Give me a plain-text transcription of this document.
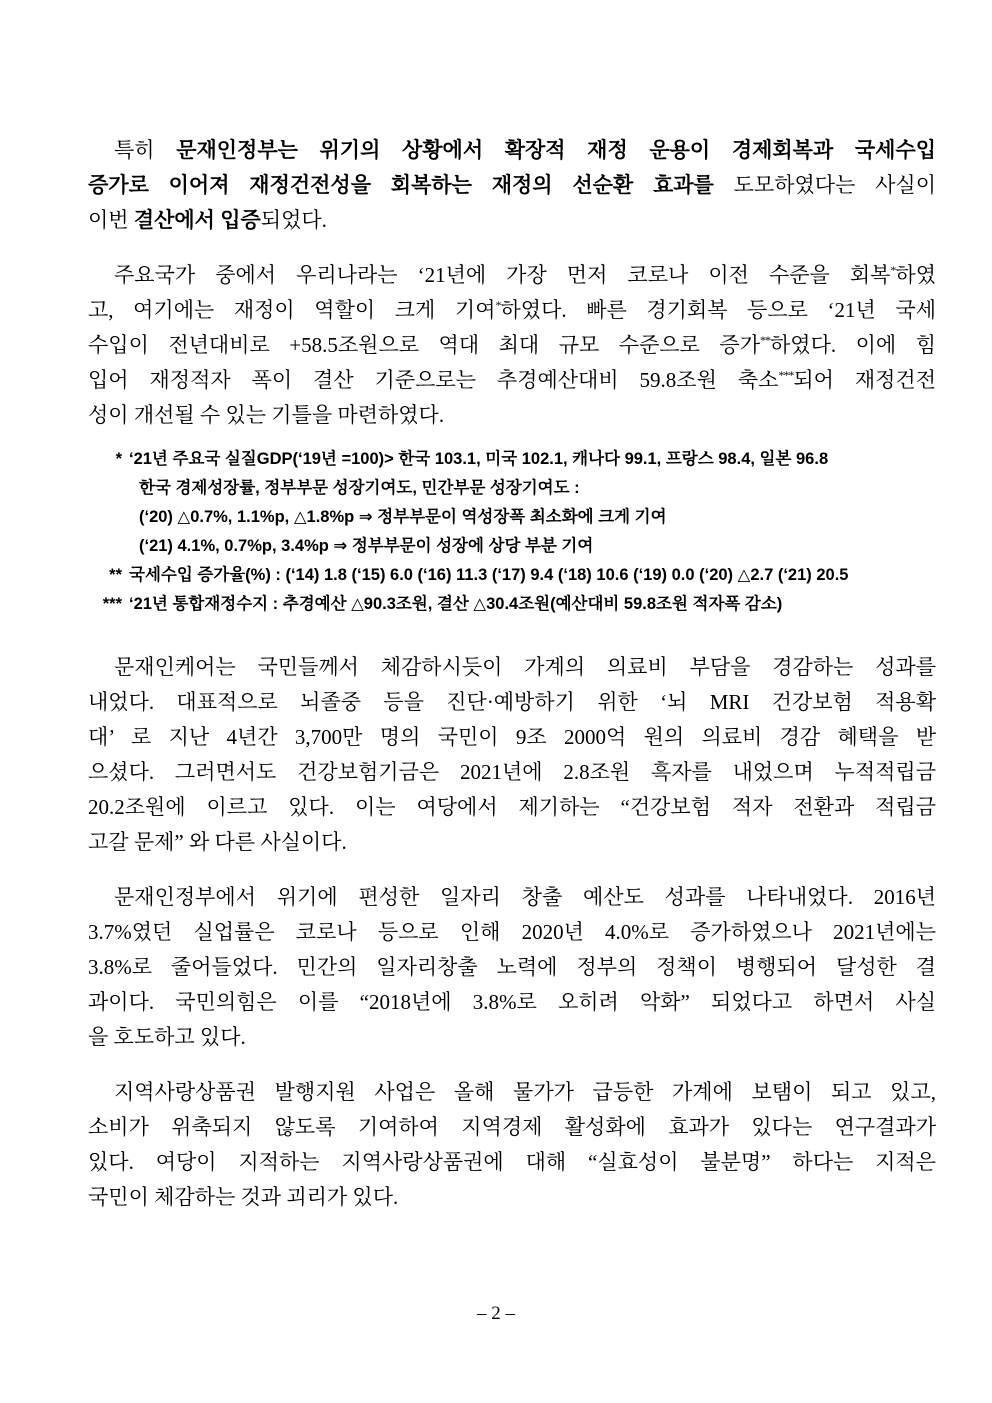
특히 문재인정부는 위기의 상황에서 확장적 재정 운용이 경제회복과 국세수입
증가로 이어져 재정건전성을 회복하는 재정의 선순환 효과를 도모하였다는 사실이
이번 결산에서 입증되었다.
주요국가 중에서 우리나라는 ‘21년에 가장 먼저 코로나 이전 수준을 회복*하였
고, 여기에는 재정이 역할이 크게 기여*하였다. 빠른 경기회복 등으로 ‘21년 국세
수입이 전년대비로 +58.5조원으로 역대 최대 규모 수준으로 증가**하였다. 이에 힘
입어 재정적자 폭이 결산 기준으로는 추경예산대비 59.8조원 축소***되어 재정건전
성이 개선될 수 있는 기틀을 마련하였다.
* ‘21년 주요국 실질GDP(‘19년 =100)> 한국 103.1, 미국 102.1, 캐나다 99.1, 프랑스 98.4, 일본 96.8
한국 경제성장률, 정부부문 성장기여도, 민간부문 성장기여도 :
(‘20) △0.7%, 1.1%p, △1.8%p ⇒ 정부부문이 역성장폭 최소화에 크게 기여
(‘21) 4.1%, 0.7%p, 3.4%p ⇒ 정부부문이 성장에 상당 부분 기여
** 국세수입 증가율(%) : (‘14) 1.8 (‘15) 6.0 (‘16) 11.3 (‘17) 9.4 (‘18) 10.6 (‘19) 0.0 (‘20) △2.7 (‘21) 20.5
*** ‘21년 통합재정수지 : 추경예산 △90.3조원, 결산 △30.4조원(예산대비 59.8조원 적자폭 감소)
문재인케어는 국민들께서 체감하시듯이 가계의 의료비 부담을 경감하는 성과를
내었다. 대표적으로 뇌졸중 등을 진단·예방하기 위한 ‘뇌 MRI 건강보험 적용확
대’ 로 지난 4년간 3,700만 명의 국민이 9조 2000억 원의 의료비 경감 혜택을 받
으셨다. 그러면서도 건강보험기금은 2021년에 2.8조원 흑자를 내었으며 누적적립금
20.2조원에 이르고 있다. 이는 여당에서 제기하는 “건강보험 적자 전환과 적립금
고갈 문제” 와 다른 사실이다.
문재인정부에서 위기에 편성한 일자리 창출 예산도 성과를 나타내었다. 2016년
3.7%였던 실업률은 코로나 등으로 인해 2020년 4.0%로 증가하였으나 2021년에는
3.8%로 줄어들었다. 민간의 일자리창출 노력에 정부의 정책이 병행되어 달성한 결
과이다. 국민의힘은 이를 “2018년에 3.8%로 오히려 악화” 되었다고 하면서 사실
을 호도하고 있다.
지역사랑상품권 발행지원 사업은 올해 물가가 급등한 가계에 보탬이 되고 있고,
소비가 위축되지 않도록 기여하여 지역경제 활성화에 효과가 있다는 연구결과가
있다. 여당이 지적하는 지역사랑상품권에 대해 “실효성이 불분명” 하다는 지적은
국민이 체감하는 것과 괴리가 있다.
– 2 –
